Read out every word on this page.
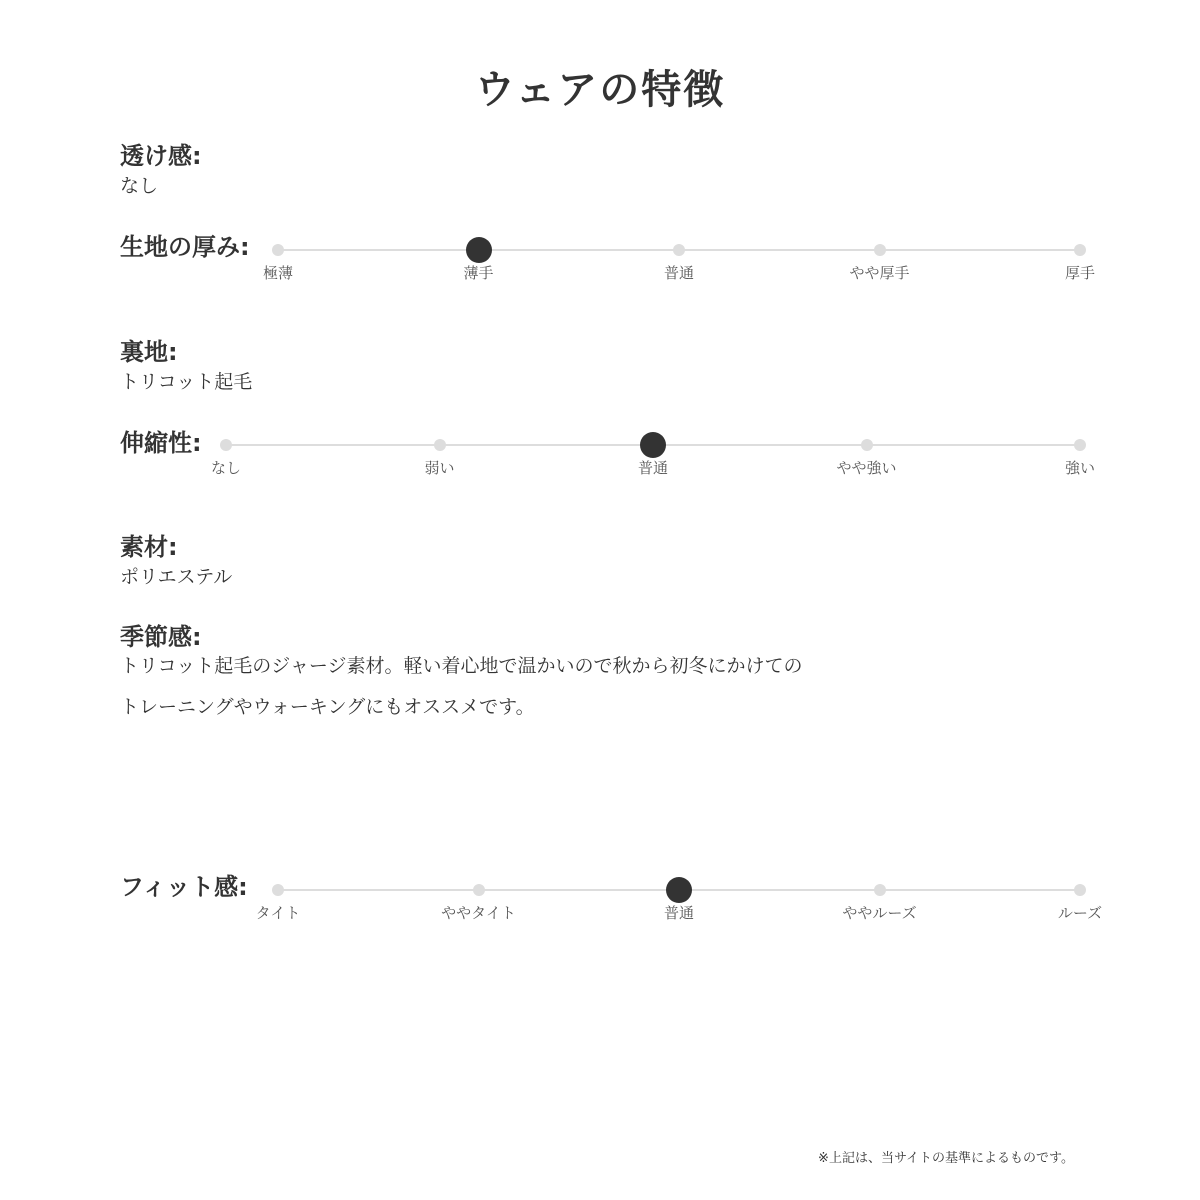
ウェアの特徴
透け感:
なし
生地の厚み:
極薄	薄手	普通	やや厚手	厚手
裏地:
トリコット起毛
伸縮性:
なし	弱い	普通	やや強い	強い
素材:
ポリエステル
季節感:
トリコット起毛のジャージ素材。軽い着心地で温かいので秋から初冬にかけての
トレーニングやウォーキングにもオススメです。
フィット感:
タイト	ややタイト	普通	ややルーズ	ルーズ
※上記は、当サイトの基準によるものです。
